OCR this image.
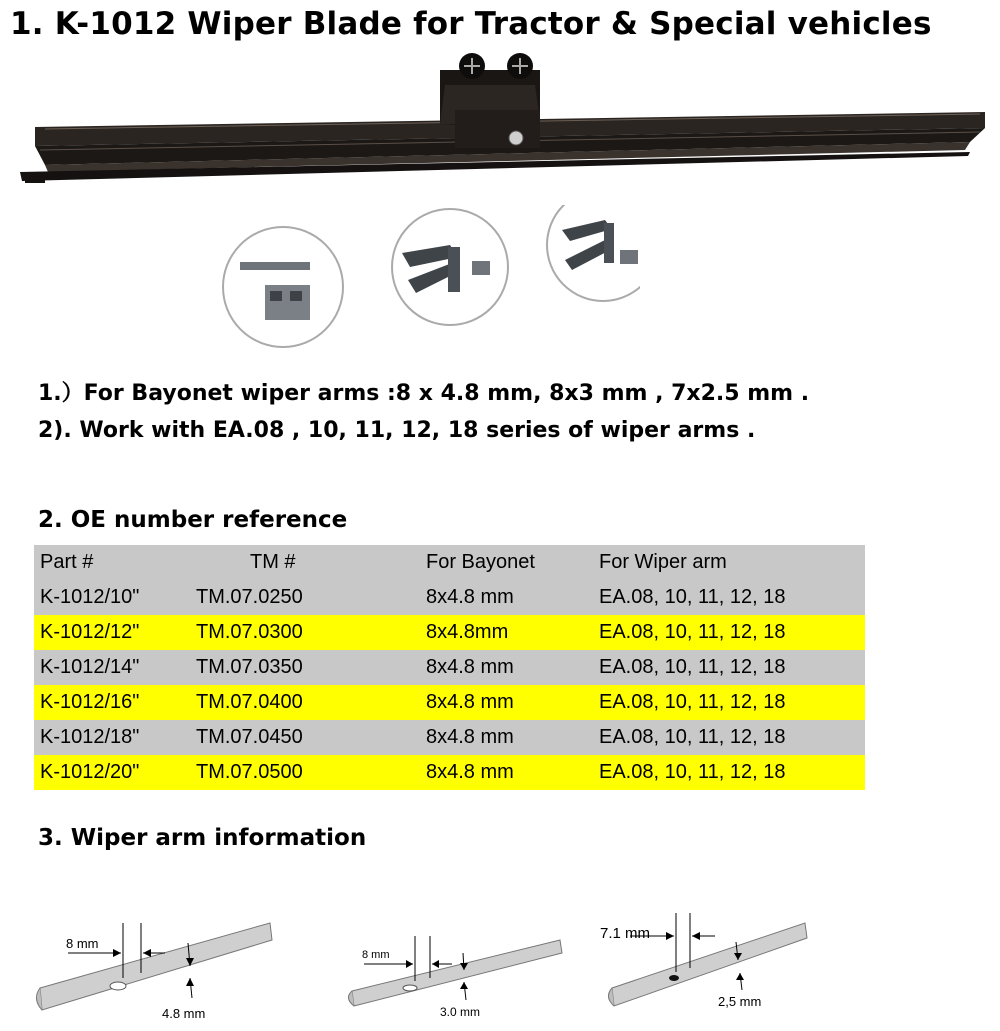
1. K-1012 Wiper Blade for Tractor & Special vehicles
1.）For Bayonet wiper arms :8 x 4.8 mm, 8x3 mm , 7x2.5 mm .
2). Work with EA.08 , 10, 11, 12, 18 series of wiper arms .
2. OE number reference
Part #	TM #	For Bayonet	For Wiper arm
K-1012/10"	TM.07.0250	8x4.8 mm	EA.08, 10, 11, 12, 18
K-1012/12"	TM.07.0300	8x4.8mm	EA.08, 10, 11, 12, 18
K-1012/14"	TM.07.0350	8x4.8 mm	EA.08, 10, 11, 12, 18
K-1012/16"	TM.07.0400	8x4.8 mm	EA.08, 10, 11, 12, 18
K-1012/18"	TM.07.0450	8x4.8 mm	EA.08, 10, 11, 12, 18
K-1012/20"	TM.07.0500	8x4.8 mm	EA.08, 10, 11, 12, 18
3. Wiper arm information
8 mm
4.8 mm
8 mm
3.0 mm
7.1 mm
2,5 mm
